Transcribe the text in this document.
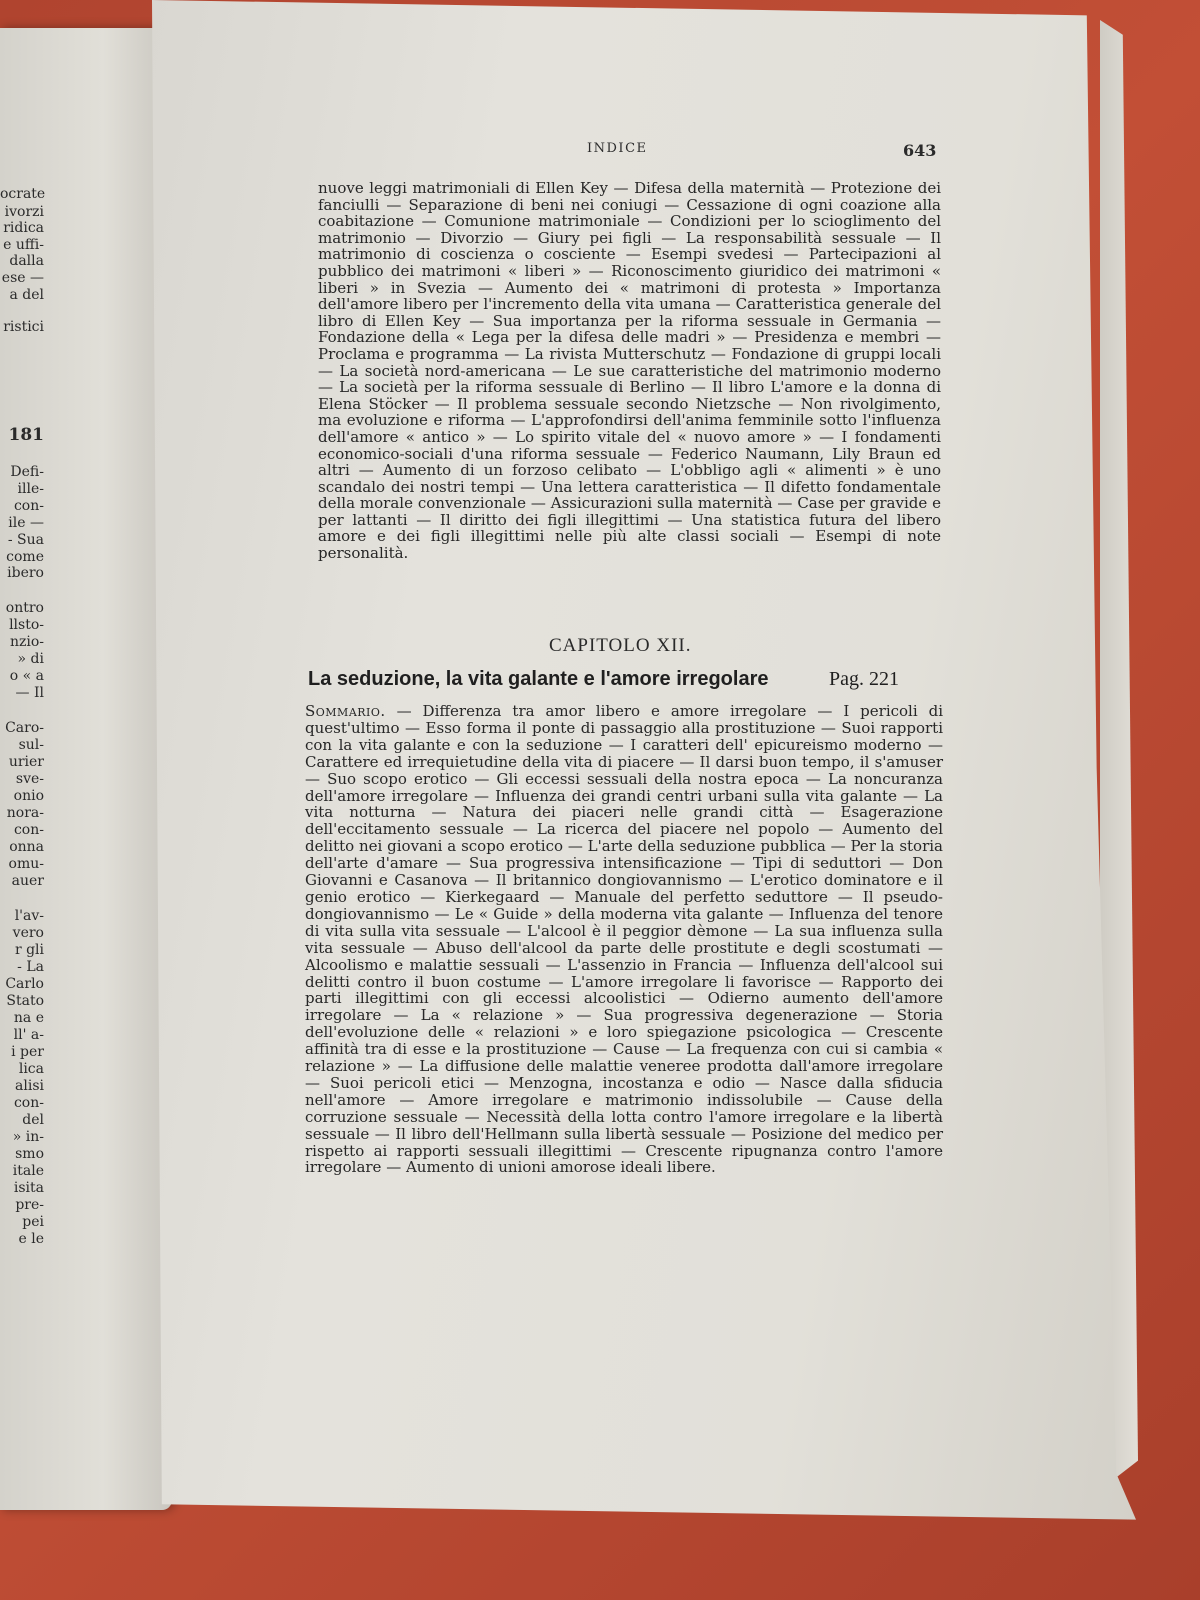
ocrate
ivorzi
ridica
e uffi-
dalla
ese —
a del
ristici
181
Defi-
ille-
con-
ile —
- Sua
come
ibero
ontro
llsto-
nzio-
» di
o « a
— Il
Caro-
sul-
urier
sve-
onio
nora-
con-
onna
omu-
auer
l'av-
vero
r gli
- La
Carlo
Stato
na e
ll' a-
i per
lica
alisi
con-
del
» in-
smo
itale
isita
pre-
pei
e le
INDICE	643

nuove leggi matrimoniali di Ellen Key — Difesa della maternità — Protezione dei fanciulli — Separazione di beni nei coniugi — Cessazione di ogni coazione alla coabitazione — Comunione matrimoniale — Condizioni per lo scioglimento del matrimonio — Divorzio — Giury pei figli — La responsabilità sessuale — Il matrimonio di coscienza o cosciente — Esempi svedesi — Partecipazioni al pubblico dei matrimoni « liberi » — Riconoscimento giuridico dei matrimoni « liberi » in Svezia — Aumento dei « matrimoni di protesta » Importanza dell'amore libero per l'incremento della vita umana — Caratteristica generale del libro di Ellen Key — Sua importanza per la riforma sessuale in Germania — Fondazione della « Lega per la difesa delle madri » — Presidenza e membri — Proclama e programma — La rivista Mutterschutz — Fondazione di gruppi locali — La società nord-americana — Le sue caratteristiche del matrimonio moderno — La società per la riforma sessuale di Berlino — Il libro L'amore e la donna di Elena Stöcker — Il problema sessuale secondo Nietzsche — Non rivolgimento, ma evoluzione e riforma — L'approfondirsi dell'anima femminile sotto l'influenza dell'amore « antico » — Lo spirito vitale del « nuovo amore » — I fondamenti economico-sociali d'una riforma sessuale — Federico Naumann, Lily Braun ed altri — Aumento di un forzoso celibato — L'obbligo agli « alimenti » è uno scandalo dei nostri tempi — Una lettera caratteristica — Il difetto fondamentale della morale convenzionale — Assicurazioni sulla maternità — Case per gravide e per lattanti — Il diritto dei figli illegittimi — Una statistica futura del libero amore e dei figli illegittimi nelle più alte classi sociali — Esempi di note personalità.

CAPITOLO XII.
La seduzione, la vita galante e l'amore irregolare	Pag. 221

Sommario. — Differenza tra amor libero e amore irregolare — I pericoli di quest'ultimo — Esso forma il ponte di passaggio alla prostituzione — Suoi rapporti con la vita galante e con la seduzione — I caratteri dell' epicureismo moderno — Carattere ed irrequietudine della vita di piacere — Il darsi buon tempo, il s'amuser — Suo scopo erotico — Gli eccessi sessuali della nostra epoca — La noncuranza dell'amore irregolare — Influenza dei grandi centri urbani sulla vita galante — La vita notturna — Natura dei piaceri nelle grandi città — Esagerazione dell'eccitamento sessuale — La ricerca del piacere nel popolo — Aumento del delitto nei giovani a scopo erotico — L'arte della seduzione pubblica — Per la storia dell'arte d'amare — Sua progressiva intensificazione — Tipi di seduttori — Don Giovanni e Casanova — Il britannico dongiovannismo — L'erotico dominatore e il genio erotico — Kierkegaard — Manuale del perfetto seduttore — Il pseudo-dongiovannismo — Le « Guide » della moderna vita galante — Influenza del tenore di vita sulla vita sessuale — L'alcool è il peggior dèmone — La sua influenza sulla vita sessuale — Abuso dell'alcool da parte delle prostitute e degli scostumati — Alcoolismo e malattie sessuali — L'assenzio in Francia — Influenza dell'alcool sui delitti contro il buon costume — L'amore irregolare li favorisce — Rapporto dei parti illegittimi con gli eccessi alcoolistici — Odierno aumento dell'amore irregolare — La « relazione » — Sua progressiva degenerazione — Storia dell'evoluzione delle « relazioni » e loro spiegazione psicologica — Crescente affinità tra di esse e la prostituzione — Cause — La frequenza con cui si cambia « relazione » — La diffusione delle malattie veneree prodotta dall'amore irregolare — Suoi pericoli etici — Menzogna, incostanza e odio — Nasce dalla sfiducia nell'amore — Amore irregolare e matrimonio indissolubile — Cause della corruzione sessuale — Necessità della lotta contro l'amore irregolare e la libertà sessuale — Il libro dell'Hellmann sulla libertà sessuale — Posizione del medico per rispetto ai rapporti sessuali illegittimi — Crescente ripugnanza contro l'amore irregolare — Aumento di unioni amorose ideali libere.
